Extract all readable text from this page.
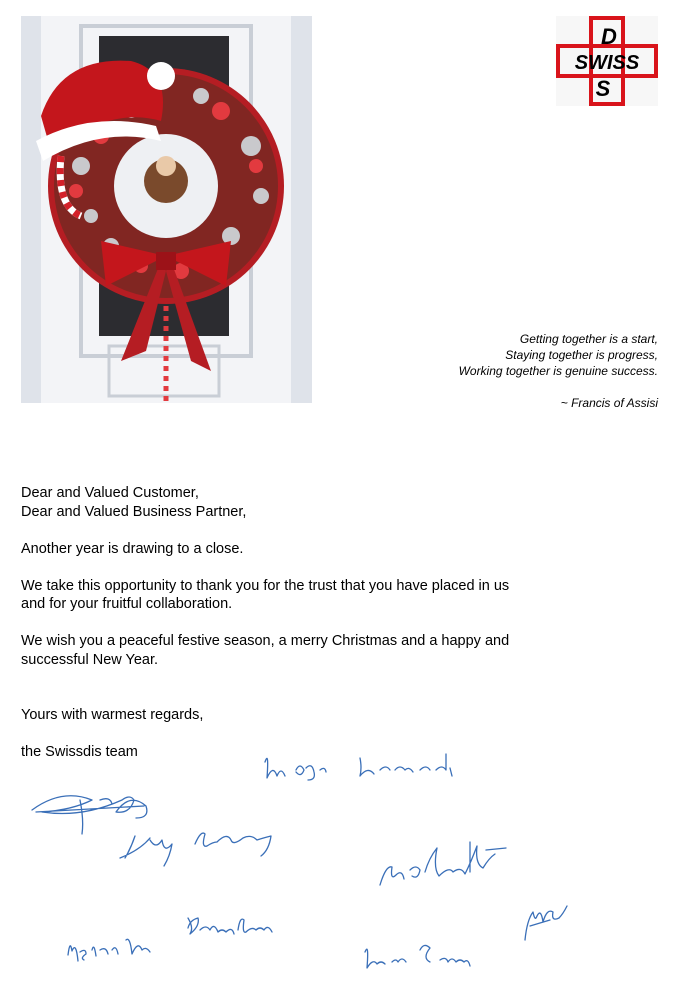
D
SWISS
S
Getting together is a start,
Staying together is progress,
Working together is genuine success.
~ Francis of Assisi

Dear and Valued Customer,
Dear and Valued Business Partner,

Another year is drawing to a close.

We take this opportunity to thank you for the trust that you have placed in us
and for your fruitful collaboration.

We wish you a peaceful festive season, a merry Christmas and a happy and
successful New Year.

Yours with warmest regards,

the Swissdis team
